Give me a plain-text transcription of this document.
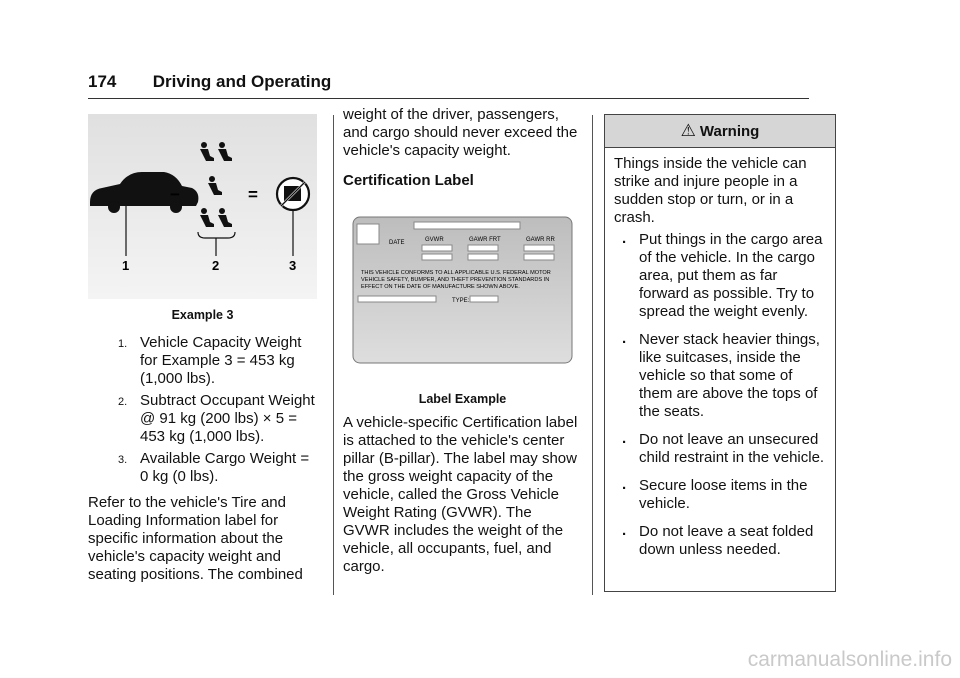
174 Driving and Operating
−	=
1	2	3
Example 3
1. Vehicle Capacity Weight for Example 3 = 453 kg (1,000 lbs).
2. Subtract Occupant Weight @ 91 kg (200 lbs) × 5 = 453 kg (1,000 lbs).
3. Available Cargo Weight = 0 kg (0 lbs).

Refer to the vehicle's Tire and Loading Information label for specific information about the vehicle's capacity weight and seating positions. The combined

weight of the driver, passengers, and cargo should never exceed the vehicle's capacity weight.

Certification Label

DATE	GVWR	GAWR FRT	GAWR RR
THIS VEHICLE CONFORMS TO ALL APPLICABLE U.S. FEDERAL MOTOR
VEHICLE SAFETY, BUMPER, AND THEFT PREVENTION STANDARDS IN
EFFECT ON THE DATE OF MANUFACTURE SHOWN ABOVE.
TYPE:
Label Example

A vehicle-specific Certification label is attached to the vehicle's center pillar (B-pillar). The label may show the gross weight capacity of the vehicle, called the Gross Vehicle Weight Rating (GVWR). The GVWR includes the weight of the vehicle, all occupants, fuel, and cargo.

⚠ Warning

Things inside the vehicle can strike and injure people in a sudden stop or turn, or in a crash.

. Put things in the cargo area of the vehicle. In the cargo area, put them as far forward as possible. Try to spread the weight evenly.
. Never stack heavier things, like suitcases, inside the vehicle so that some of them are above the tops of the seats.
. Do not leave an unsecured child restraint in the vehicle.
. Secure loose items in the vehicle.
. Do not leave a seat folded down unless needed.
carmanualsonline.info
